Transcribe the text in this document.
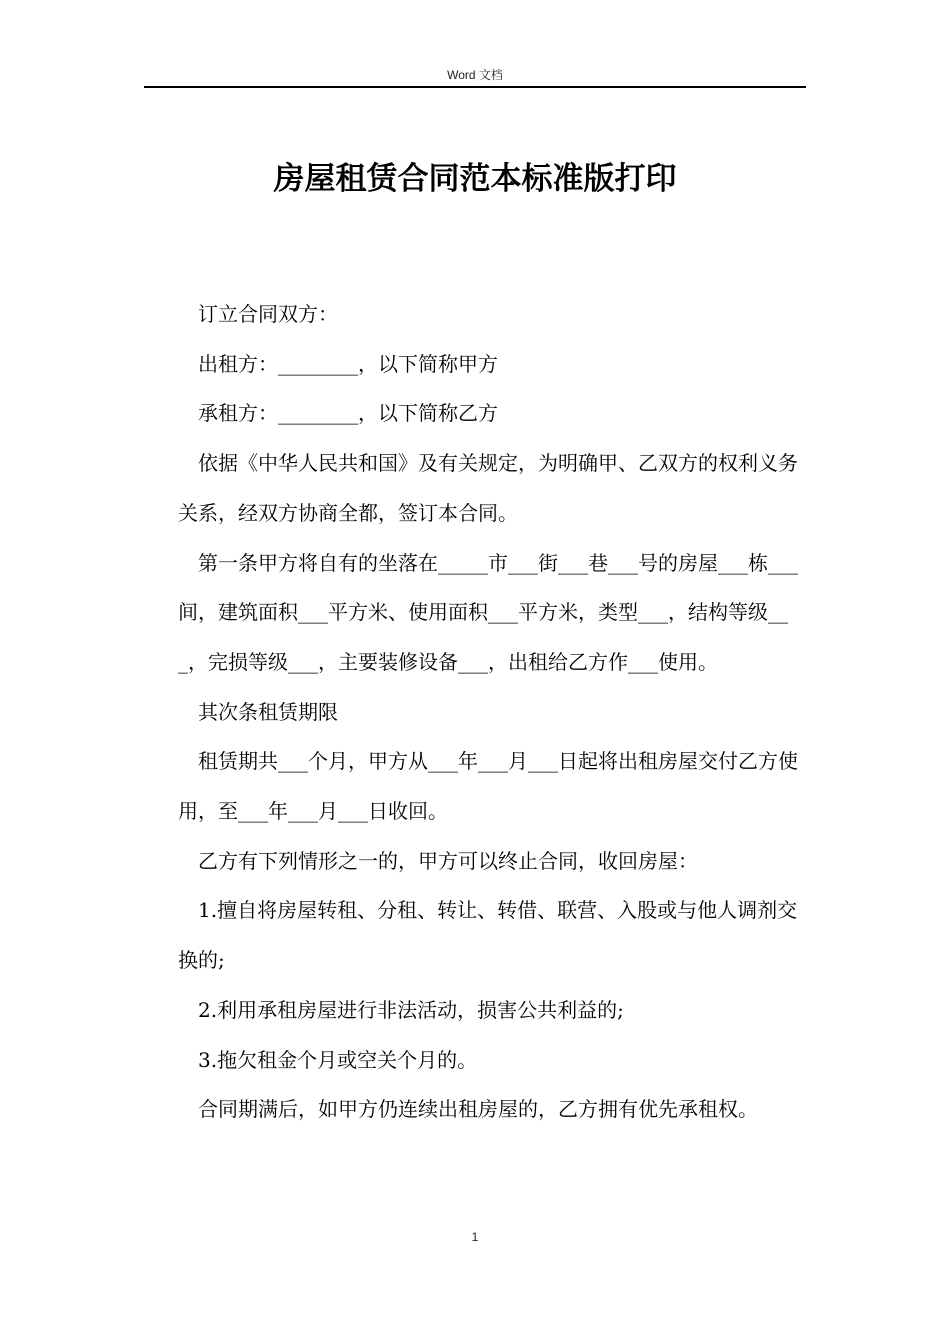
Word 文档
房屋租赁合同范本标准版打印

订立合同双方：

出租方：________，以下简称甲方

承租方：________，以下简称乙方

依据《中华人民共和国》及有关规定，为明确甲、乙双方的权利义务关系，经双方协商全都，签订本合同。

第一条甲方将自有的坐落在_____市___街___巷___号的房屋___栋___间，建筑面积___平方米、使用面积___平方米，类型___，结构等级___，完损等级___，主要装修设备___，出租给乙方作___使用。

其次条租赁期限

租赁期共___个月，甲方从___年___月___日起将出租房屋交付乙方使用，至___年___月___日收回。

乙方有下列情形之一的，甲方可以终止合同，收回房屋：

1.擅自将房屋转租、分租、转让、转借、联营、入股或与他人调剂交换的;

2.利用承租房屋进行非法活动，损害公共利益的;

3.拖欠租金个月或空关个月的。

合同期满后，如甲方仍连续出租房屋的，乙方拥有优先承租权。

1
